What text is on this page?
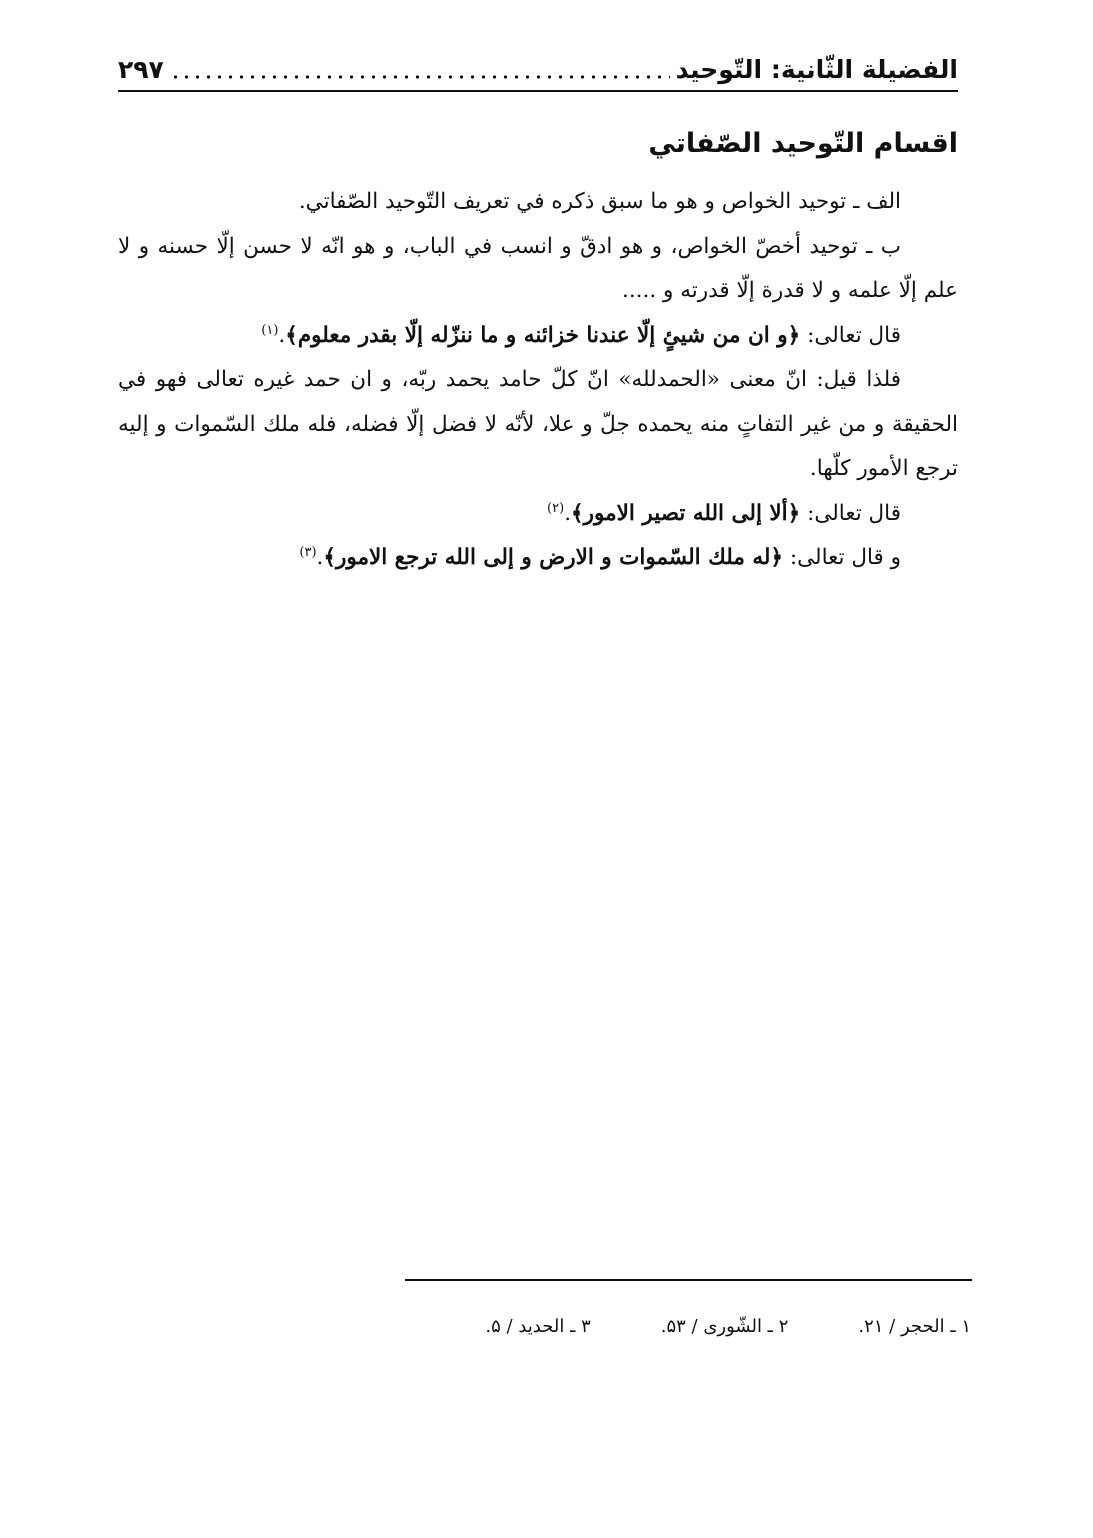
الفضيلة الثّانية: التّوحيد
۲۹۷
اقسام التّوحيد الصّفاتي

الف ـ توحيد الخواص و هو ما سبق ذكره في تعريف التّوحيد الصّفاتي.

ب ـ توحيد أخصّ الخواص، و هو ادقّ و انسب في الباب، و هو انّه لا حسن إلّا حسنه و لا علم إلّا علمه و لا قدرة إلّا قدرته و .....

قال تعالى: ﴿و ان من شيئٍ إلّا عندنا خزائنه و ما ننزّله إلّا بقدر معلوم﴾.$^{(۱)}$

فلذا قيل: انّ معنى «الحمدلله» انّ كلّ حامد يحمد ربّه، و ان حمد غيره تعالى فهو في الحقيقة و من غير التفاتٍ منه يحمده جلّ و علا، لأنّه لا فضل إلّا فضله، فله ملك السّموات و إليه ترجع الأمور كلّها.

قال تعالى: ﴿ألا إلى الله تصير الامور﴾.$^{(۲)}$

و قال تعالى: ﴿له ملك السّموات و الارض و إلى الله ترجع الامور﴾.$^{(۳)}$

۱ ـ الحجر / ۲۱.
۲ ـ الشّورى / ۵۳.
۳ ـ الحديد / ۵.
